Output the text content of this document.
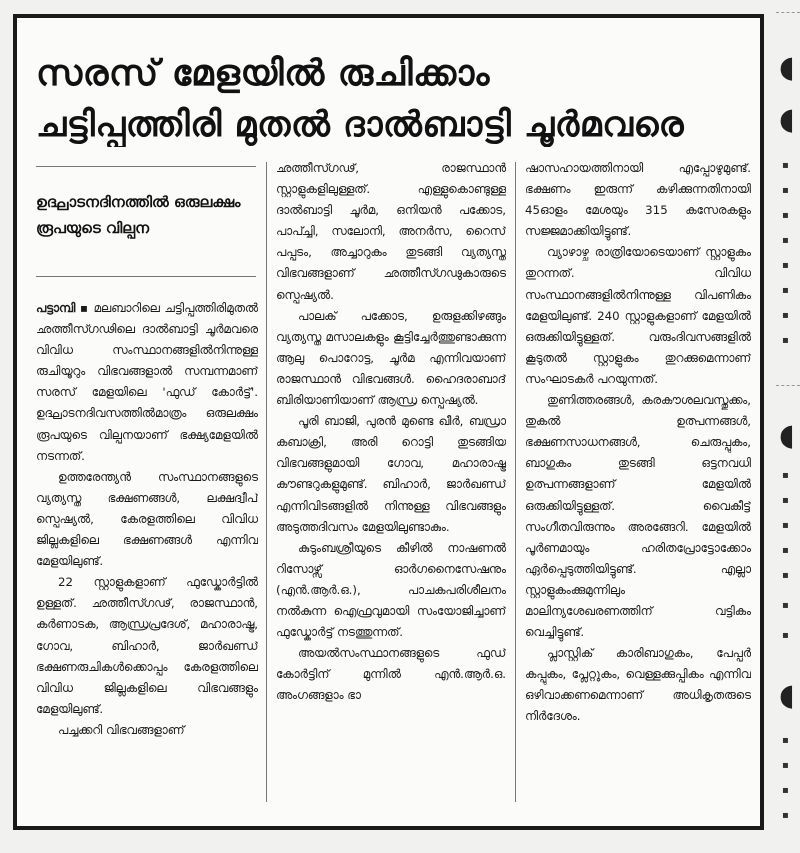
സരസ് മേളയിൽ രുചിക്കാം
ചട്ടിപ്പത്തിരി മുതൽ ദാൽബാട്ടി ചൂർമവരെ
ഉദ്ഘാടനദിനത്തിൽ ഒരുലക്ഷം രൂപയുടെ വില്പന

പട്ടാമ്പി ▪ മലബാറിലെ ചട്ടിപ്പത്തിരിമുതൽ ഛത്തീസ്ഗഢിലെ ദാൽബാട്ടി ചൂർമവരെ വിവിധ സംസ്ഥാനങ്ങളിൽനിന്നുള്ള രുചിയൂറും വിഭവങ്ങളാൽ സമ്പന്നമാണ് സരസ് മേളയിലെ 'ഫുഡ് കോർട്ട്'. ഉദ്ഘാടനദിവസത്തിൽമാത്രം ഒരുലക്ഷം രൂപയുടെ വില്പനയാണ് ഭക്ഷ്യമേളയിൽ നടന്നത്.

ഉത്തരേന്ത്യൻ സംസ്ഥാനങ്ങളുടെ വ്യത്യസ്ത ഭക്ഷണങ്ങൾ, ലക്ഷദ്വീപ് സ്പെഷ്യൽ, കേരളത്തിലെ വിവിധ ജില്ലകളിലെ ഭക്ഷണങ്ങൾ എന്നിവ മേളയിലുണ്ട്.

22 സ്റ്റാളുകളാണ് ഫുഡ്കോർട്ടിൽ ഉള്ളത്. ഛത്തീസ്ഗഢ്, രാജസ്ഥാൻ, കർണാടക, ആന്ധ്രപ്രദേശ്, മഹാരാഷ്ട്ര, ഗോവ, ബിഹാർ, ജാർഖണ്ഡ് ഭക്ഷണരുചികൾക്കൊപ്പം കേരളത്തിലെ വിവിധ ജില്ലകളിലെ വിഭവങ്ങളും മേളയിലുണ്ട്.

പച്ചക്കറി വിഭവങ്ങളാണ്

ഛത്തീസ്ഗഢ്, രാജസ്ഥാൻ സ്റ്റാളുകളിലുള്ളത്. എള്ളുകൊണ്ടുള്ള ദാൽബാട്ടി ചൂർമ, ഒനിയൻ പക്കോട, പാപ്ച്ചി, സലോനി, അനർസ, റൈസ് പപ്പടം, അച്ചാറുകം തുടങ്ങി വ്യത്യസ്ത വിഭവങ്ങളാണ് ഛത്തീസ്ഗഢുകാരുടെ സ്പെഷ്യൽ.

പാലക് പക്കോട, ഉരുളക്കിഴങ്ങും വ്യത്യസ്ത മസാലകളും കൂട്ടിച്ചേർത്തുണ്ടാക്കുന്ന ആലു പൊറോട്ട, ചൂർമ എന്നിവയാണ് രാജസ്ഥാൻ വിഭവങ്ങൾ. ഹൈദരാബാദ് ബിരിയാണിയാണ് ആന്ധ്ര സ്പെഷ്യൽ.

പൂരി ബാജി, പുരൻ മുണ്ടെ ഖീർ, ബഡ്രാ കബാക്രി, അരി റൊട്ടി തുടങ്ങിയ വിഭവങ്ങളുമായി ഗോവ, മഹാരാഷ്ട്ര കൗണ്ടറുകളുമുണ്ട്. ബിഹാർ, ജാർഖണ്ഡ് എന്നിവിടങ്ങളിൽ നിന്നുള്ള വിഭവങ്ങളും അടുത്തദിവസം മേളയിലുണ്ടാകും.

കുടുംബശ്രീയുടെ കീഴിൽ നാഷണൽ റിസോഴ്സ് ഓർഗനൈസേഷനും (എൻ.ആർ.ഒ.), പാചകപരിശീലനം നൽകുന്ന ഐഫ്രവുമായി സംയോജിച്ചാണ് ഫുഡ്കോർട്ട് നടത്തുന്നത്.

അയൽസംസ്ഥാനങ്ങളുടെ ഫുഡ് കോർട്ടിന് മുന്നിൽ എൻ.ആർ.ഒ. അംഗങ്ങളാം ഭാ

ഷാസഹായത്തിനായി എപ്പോഴുമുണ്ട്. ഭക്ഷണം ഇരുന്ന് കഴിക്കുന്നതിനായി 45ഓളം മേശയും 315 കസേരകളും സജ്ജമാക്കിയിട്ടുണ്ട്.

വ്യാഴാഴ്ച രാത്രിയോടെയാണ് സ്റ്റാളുകം തുറന്നത്. വിവിധ സംസ്ഥാനങ്ങളിൽനിന്നുള്ള വിപണികം മേളയിലുണ്ട്. 240 സ്റ്റാളുകളാണ് മേളയിൽ ഒരുക്കിയിട്ടുള്ളത്. വരുംദിവസങ്ങളിൽ കൂടുതൽ സ്റ്റാളുകം തുറക്കുമെന്നാണ് സംഘാടകർ പറയുന്നത്.

തുണിത്തരങ്ങൾ, കരകൗശലവസ്തുക്കം, തുകൽ ഉത്പന്നങ്ങൾ, ഭക്ഷണസാധനങ്ങൾ, ചെരുപ്പുകം, ബാഗുകം തുടങ്ങി ഒട്ടനവധി ഉത്പന്നങ്ങളാണ് മേളയിൽ ഒരുക്കിയിട്ടുള്ളത്. വൈകീട്ട് സംഗീതവിരുന്നും അരങ്ങേറി. മേളയിൽ പൂർണമായും ഹരിതപ്രോട്ടോക്കോം ഏർപ്പെടുത്തിയിട്ടുണ്ട്. എല്ലാ സ്റ്റാളുകംക്കുമുന്നിലും മാലിന്യശേഖരണത്തിന് വട്ടികം വെച്ചിട്ടുണ്ട്.

പ്ലാസ്റ്റിക് കാരിബാഗുകം, പേപ്പർ കപ്പുകം, പ്ലേറ്റുകം, വെള്ളക്കുപ്പികം എന്നിവ ഒഴിവാക്കണമെന്നാണ് അധികൃതരുടെ നിർദേശം.

◖
◖
▪
▪
▪
▪
▪
▪
▪
▪
◖
▪
▪
▪
▪
▪
▪
▪
◖
▪
▪
▪
▪
